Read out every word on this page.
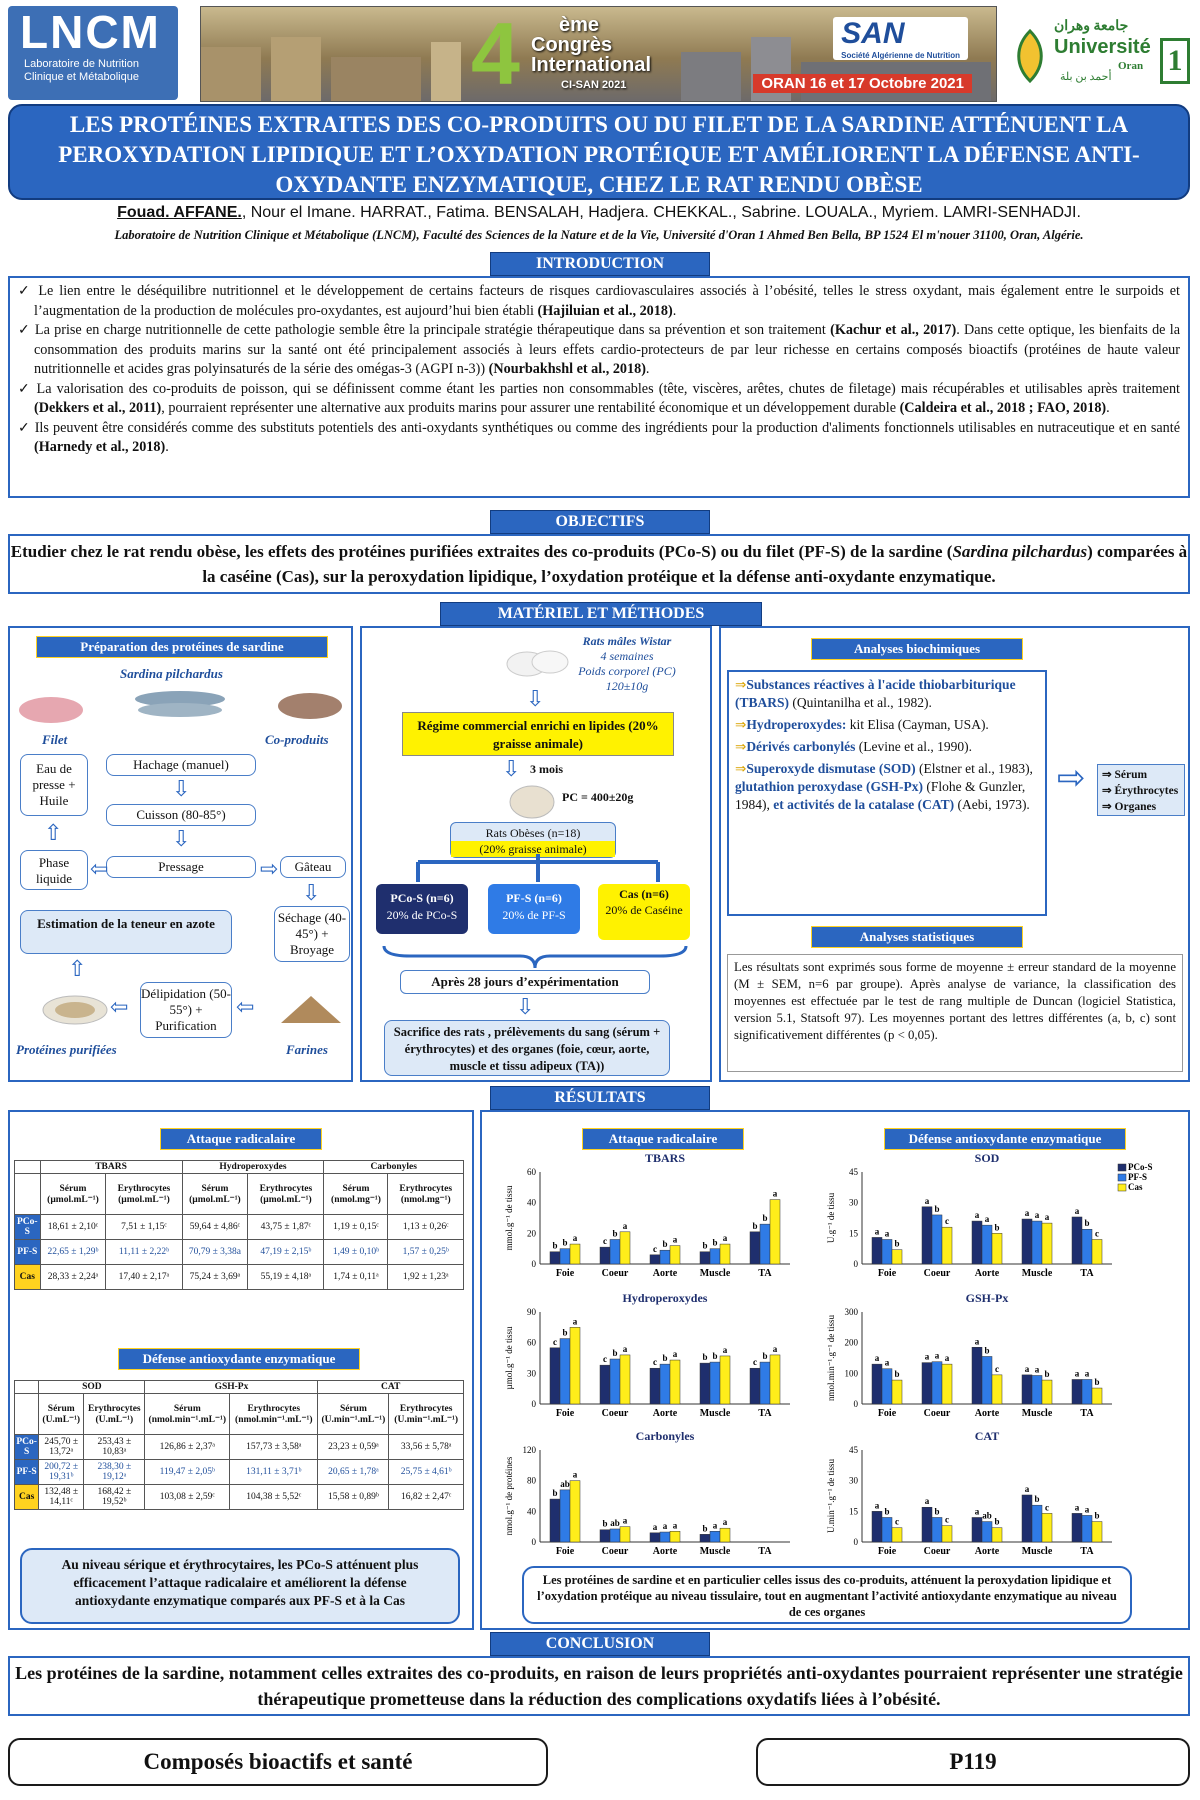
LNCM
Laboratoire de Nutrition
Clinique et Métabolique	4	ème
Congrès
International
CI-SAN 2021
SAN
Société Algérienne de Nutrition
ORAN 16 et 17 Octobre 2021
جامعة وهران
Université
Oran
أحمد بن بلة 1
LES PROTÉINES EXTRAITES DES CO-PRODUITS OU DU FILET DE LA SARDINE ATTÉNUENT LA PEROXYDATION LIPIDIQUE ET L’OXYDATION PROTÉIQUE ET AMÉLIORENT LA DÉFENSE ANTI-OXYDANTE ENZYMATIQUE, CHEZ LE RAT RENDU OBÈSE
Fouad. AFFANE., Nour el Imane. HARRAT., Fatima. BENSALAH, Hadjera. CHEKKAL., Sabrine. LOUALA., Myriem. LAMRI-SENHADJI.
Laboratoire de Nutrition Clinique et Métabolique (LNCM), Faculté des Sciences de la Nature et de la Vie, Université d'Oran 1 Ahmed Ben Bella, BP 1524 El m'nouer 31100, Oran, Algérie.
INTRODUCTION

✓ Le lien entre le déséquilibre nutritionnel et le développement de certains facteurs de risques cardiovasculaires associés à l’obésité, telles le stress oxydant, mais également entre le surpoids et l’augmentation de la production de molécules pro-oxydantes, est aujourd’hui bien établi (Hajiluian et al., 2018).

✓ La prise en charge nutritionnelle de cette pathologie semble être la principale stratégie thérapeutique dans sa prévention et son traitement (Kachur et al., 2017). Dans cette optique, les bienfaits de la consommation des produits marins sur la santé ont été principalement associés à leurs effets cardio-protecteurs de par leur richesse en certains composés bioactifs (protéines de haute valeur nutritionnelle et acides gras polyinsaturés de la série des omégas-3 (AGPI n-3)) (Nourbakhshl et al., 2018).

✓ La valorisation des co-produits de poisson, qui se définissent comme étant les parties non consommables (tête, viscères, arêtes, chutes de filetage) mais récupérables et utilisables après traitement (Dekkers et al., 2011), pourraient représenter une alternative aux produits marins pour assurer une rentabilité économique et un développement durable (Caldeira et al., 2018 ; FAO, 2018).

✓ Ils peuvent être considérés comme des substituts potentiels des anti-oxydants synthétiques ou comme des ingrédients pour la production d'aliments fonctionnels utilisables en nutraceutique et en santé (Harnedy et al., 2018).

OBJECTIFS
Etudier chez le rat rendu obèse, les effets des protéines purifiées extraites des co-produits (PCo-S) ou du filet (PF-S) de la sardine (Sardina pilchardus) comparées à la caséine (Cas), sur la peroxydation lipidique, l’oxydation protéique et la défense anti-oxydante enzymatique.
MATÉRIEL ET MÉTHODES
Préparation des protéines de sardine
Sardina pilchardus
Filet	Co-produits
Hachage (manuel)
⇩
Cuisson (80-85°)
⇩
Pressage
Eau de presse + Huile
⇧
Phase liquide ⇦	⇨	Gâteau
⇩
Séchage (40-45°) + Broyage
Estimation de la teneur en azote
⇧
Délipidation (50-55°) + Purification
⇦	⇦
Protéines purifiées	Farines
Rats mâles Wistar
4 semaines
Poids corporel (PC)
120±10g
⇩
Régime commercial enrichi en lipides (20% graisse animale)
⇩ 3 mois
PC = 400±20g
Rats Obèses (n=18)
(20% graisse animale)
PCo-S (n=6)
20% de PCo-S
PF-S (n=6)
20% de PF-S
Cas (n=6)
20% de Caséine
Après 28 jours d’expérimentation
⇩
Sacrifice des rats , prélèvements du sang (sérum + érythrocytes) et des organes (foie, cœur, aorte, muscle et tissu adipeux (TA))
Analyses biochimiques
⇒Substances réactives à l'acide thiobarbiturique (TBARS) (Quintanilha et al., 1982).
⇒Hydroperoxydes: kit Elisa (Cayman, USA).
⇒Dérivés carbonylés (Levine et al., 1990).
⇒Superoxyde dismutase (SOD) (Elstner et al., 1983), glutathion peroxydase (GSH-Px) (Flohe & Gunzler, 1984), et activités de la catalase (CAT) (Aebi, 1973).
⇨ ⇒ Sérum
⇒ Érythrocytes
⇒ Organes
Analyses statistiques
Les résultats sont exprimés sous forme de moyenne ± erreur standard de la moyenne (M ± SEM, n=6 par groupe). Après analyse de variance, la classification des moyennes est effectuée par le test de rang multiple de Duncan (logiciel Statistica, version 5.1, Statsoft 97). Les moyennes portant des lettres différentes (a, b, c) sont significativement différentes (p < 0,05).
RÉSULTATS
Attaque radicalaire
	TBARS		Hydroperoxydes		Carbonyles	
	Sérum (µmol.mL⁻¹)	Erythrocytes (µmol.mL⁻¹)	Sérum (µmol.mL⁻¹)	Erythrocytes (µmol.mL⁻¹)	Sérum (nmol.mg⁻¹)	Erythrocytes (nmol.mg⁻¹)
PCo-S	18,61 ± 2,10ᶜ	7,51 ± 1,15ᶜ	59,64 ± 4,86ᶜ	43,75 ± 1,87ᶜ	1,19 ± 0,15ᶜ	1,13 ± 0,26ᶜ
PF-S	22,65 ± 1,29ᵇ	11,11 ± 2,22ᵇ	70,79 ± 3,38a	47,19 ± 2,15ᵇ	1,49 ± 0,10ᵇ	1,57 ± 0,25ᵇ
Cas	28,33 ± 2,24ᵃ	17,40 ± 2,17ᵃ	75,24 ± 3,69ᵃ	55,19 ± 4,18ᵃ	1,74 ± 0,11ᵃ	1,92 ± 1,23ᵃ
Défense antioxydante enzymatique
	SOD		GSH-Px		CAT	
	Sérum (U.mL⁻¹)	Erythrocytes (U.mL⁻¹)	Sérum (nmol.min⁻¹.mL⁻¹)	Erythrocytes (nmol.min⁻¹.mL⁻¹)	Sérum (U.min⁻¹.mL⁻¹)	Erythrocytes (U.min⁻¹.mL⁻¹)
PCo-S	245,70 ± 13,72ᵃ	253,43 ± 10,83ᵃ	126,86 ± 2,37ᵃ	157,73 ± 3,58ᵃ	23,23 ± 0,59ᵃ	33,56 ± 5,78ᵃ
PF-S	200,72 ± 19,31ᵇ	238,30 ± 19,12ᵃ	119,47 ± 2,05ᵇ	131,11 ± 3,71ᵇ	20,65 ± 1,78ᵃ	25,75 ± 4,61ᵇ
Cas	132,48 ± 14,11ᶜ	168,42 ± 19,52ᵇ	103,08 ± 2,59ᶜ	104,38 ± 5,52ᶜ	15,58 ± 0,89ᵇ	16,82 ± 2,47ᶜ
Au niveau sérique et érythrocytaires, les PCo-S atténuent plus efficacement l’attaque radicalaire et améliorent la défense antioxydante enzymatique comparés aux PF-S et à la Cas
Attaque radicalaire	Défense antioxydante enzymatique
TBARS
0
20
40
60
mmol.g⁻¹ de tissu	b b a
Foie
c
b
a
Coeur
c b a
Aorte
b b a
Muscle
b
b
a
TA
SOD
0
15
30
45
U.g⁻¹ de tissu	a a
b
Foie
a
b
c
Coeur
a a
b
Aorte
a a a
Muscle
a
b
c
TA
PCo-S
PF-S
Cas
Hydroperoxydes
0
30
60
90
µmol.g⁻¹ de tissu	c
b
a
Foie
c
b a
Coeur
c b a
Aorte
b b
a
Muscle
c
b
a
TA
GSH-Px
0
100
200
300
nmol.min⁻¹.g⁻¹ de tissu	a a
b
Foie
a a a
Coeur
a
b
c
Aorte
a a b
Muscle
a a
b
TA
Carbonyles
0
40
80
120
nmol.g⁻¹ de protéines	b
ab
a
Foie
b ab a
Coeur
a a a
Aorte
b a a
Muscle	TA
CAT
0
15
30
45
U.min⁻¹.g⁻¹ de tissu	a
b
c
Foie
a
b
c
Coeur
a ab
b
Aorte
a
b
c
Muscle
a a
b
TA
Les protéines de sardine et en particulier celles issus des co-produits, atténuent la peroxydation lipidique et l’oxydation protéique au niveau tissulaire, tout en augmentant l’activité antioxydante enzymatique au niveau de ces organes
CONCLUSION
Les protéines de la sardine, notamment celles extraites des co-produits, en raison de leurs propriétés anti-oxydantes pourraient représenter une stratégie thérapeutique prometteuse dans la réduction des complications oxydatifs liées à l’obésité.
Composés bioactifs et santé	P119
